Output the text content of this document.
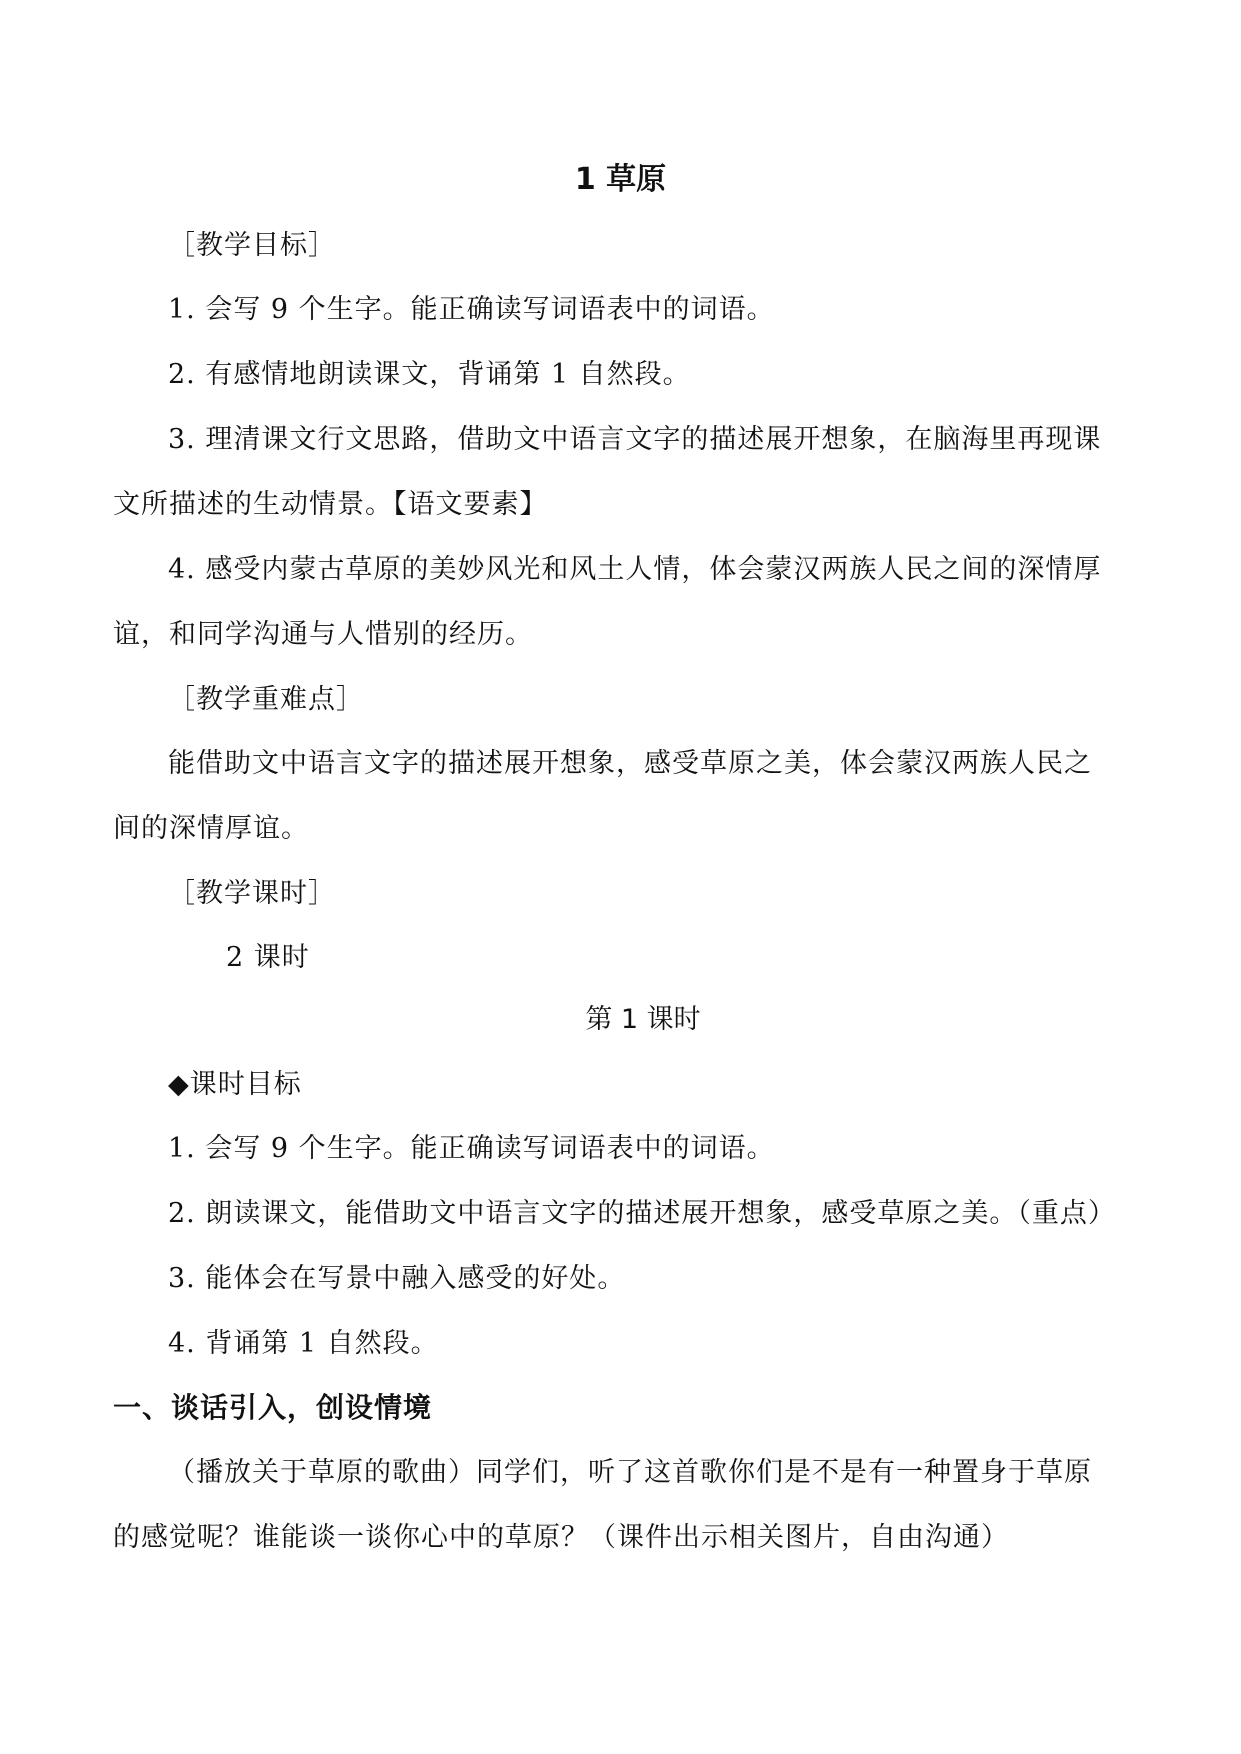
1 草原
［教学目标］
1. 会写 9 个生字。能正确读写词语表中的词语。
2. 有感情地朗读课文，背诵第 1 自然段。
3. 理清课文行文思路，借助文中语言文字的描述展开想象，在脑海里再现课
文所描述的生动情景。【语文要素】
4. 感受内蒙古草原的美妙风光和风土人情，体会蒙汉两族人民之间的深情厚
谊，和同学沟通与人惜别的经历。
［教学重难点］
能借助文中语言文字的描述展开想象，感受草原之美，体会蒙汉两族人民之
间的深情厚谊。
［教学课时］
2 课时
第 1 课时
◆课时目标
1. 会写 9 个生字。能正确读写词语表中的词语。
2. 朗读课文，能借助文中语言文字的描述展开想象，感受草原之美。（重点）
3. 能体会在写景中融入感受的好处。
4. 背诵第 1 自然段。
一、谈话引入，创设情境
（播放关于草原的歌曲）同学们，听了这首歌你们是不是有一种置身于草原
的感觉呢？谁能谈一谈你心中的草原？（课件出示相关图片，自由沟通）
